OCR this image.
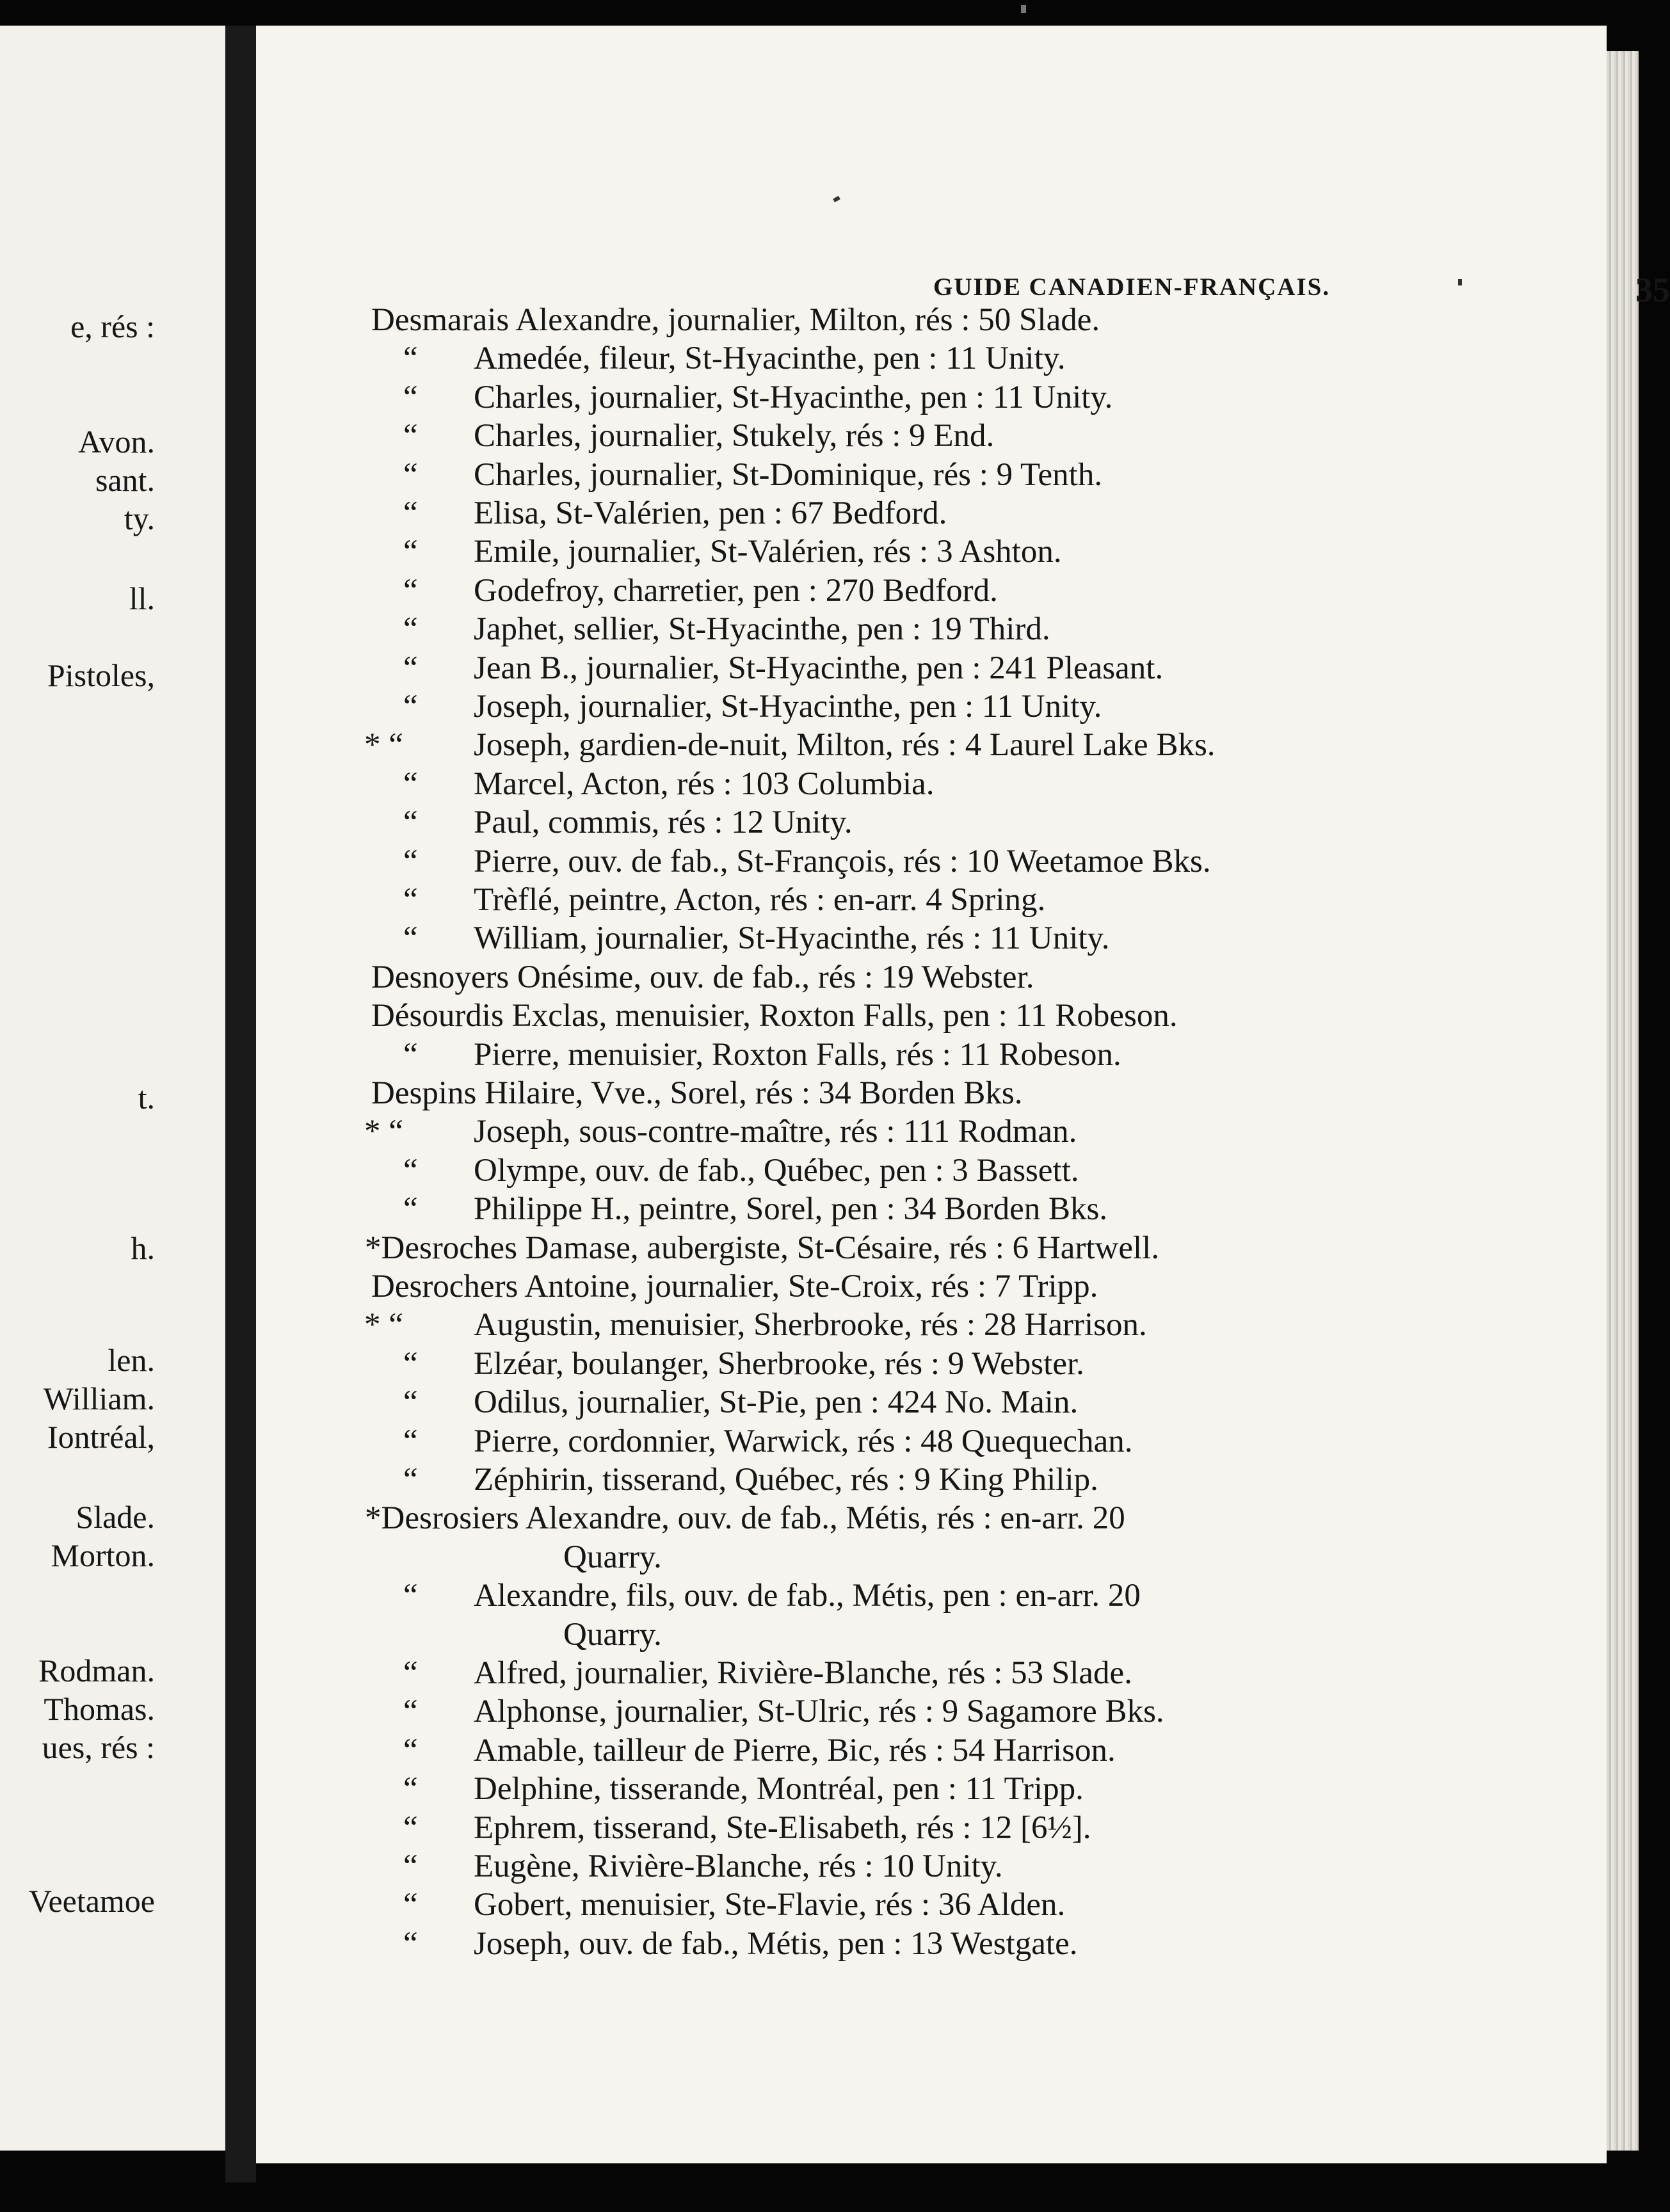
e, rés :
Avon.
sant.
ty.
ll.
Pistoles,
t.
h.
len.
William.
Iontréal,
Slade.
Morton.
Rodman.
Thomas.
ues, rés :
Veetamoe
GUIDE CANADIEN-FRANÇAIS.	35
Desmarais Alexandre, journalier, Milton, rés : 50 Slade.
“ Amedée, fileur, St-Hyacinthe, pen : 11 Unity.
“ Charles, journalier, St-Hyacinthe, pen : 11 Unity.
“ Charles, journalier, Stukely, rés : 9 End.
“ Charles, journalier, St-Dominique, rés : 9 Tenth.
“ Elisa, St-Valérien, pen : 67 Bedford.
“ Emile, journalier, St-Valérien, rés : 3 Ashton.
“ Godefroy, charretier, pen : 270 Bedford.
“ Japhet, sellier, St-Hyacinthe, pen : 19 Third.
“ Jean B., journalier, St-Hyacinthe, pen : 241 Pleasant.
“ Joseph, journalier, St-Hyacinthe, pen : 11 Unity.
* “ Joseph, gardien-de-nuit, Milton, rés : 4 Laurel Lake Bks.
“ Marcel, Acton, rés : 103 Columbia.
“ Paul, commis, rés : 12 Unity.
“ Pierre, ouv. de fab., St-François, rés : 10 Weetamoe Bks.
“ Trèflé, peintre, Acton, rés : en-arr. 4 Spring.
“ William, journalier, St-Hyacinthe, rés : 11 Unity.
Desnoyers Onésime, ouv. de fab., rés : 19 Webster.
Désourdis Exclas, menuisier, Roxton Falls, pen : 11 Robeson.
“ Pierre, menuisier, Roxton Falls, rés : 11 Robeson.
Despins Hilaire, Vve., Sorel, rés : 34 Borden Bks.
* “ Joseph, sous-contre-maître, rés : 111 Rodman.
“ Olympe, ouv. de fab., Québec, pen : 3 Bassett.
“ Philippe H., peintre, Sorel, pen : 34 Borden Bks.
*Desroches Damase, aubergiste, St-Césaire, rés : 6 Hartwell.
Desrochers Antoine, journalier, Ste-Croix, rés : 7 Tripp.
* “ Augustin, menuisier, Sherbrooke, rés : 28 Harrison.
“ Elzéar, boulanger, Sherbrooke, rés : 9 Webster.
“ Odilus, journalier, St-Pie, pen : 424 No. Main.
“ Pierre, cordonnier, Warwick, rés : 48 Quequechan.
“ Zéphirin, tisserand, Québec, rés : 9 King Philip.
*Desrosiers Alexandre, ouv. de fab., Métis, rés : en-arr. 20
Quarry.
“ Alexandre, fils, ouv. de fab., Métis, pen : en-arr. 20
Quarry.
“ Alfred, journalier, Rivière-Blanche, rés : 53 Slade.
“ Alphonse, journalier, St-Ulric, rés : 9 Sagamore Bks.
“ Amable, tailleur de Pierre, Bic, rés : 54 Harrison.
“ Delphine, tisserande, Montréal, pen : 11 Tripp.
“ Ephrem, tisserand, Ste-Elisabeth, rés : 12 [6½].
“ Eugène, Rivière-Blanche, rés : 10 Unity.
“ Gobert, menuisier, Ste-Flavie, rés : 36 Alden.
“ Joseph, ouv. de fab., Métis, pen : 13 Westgate.
